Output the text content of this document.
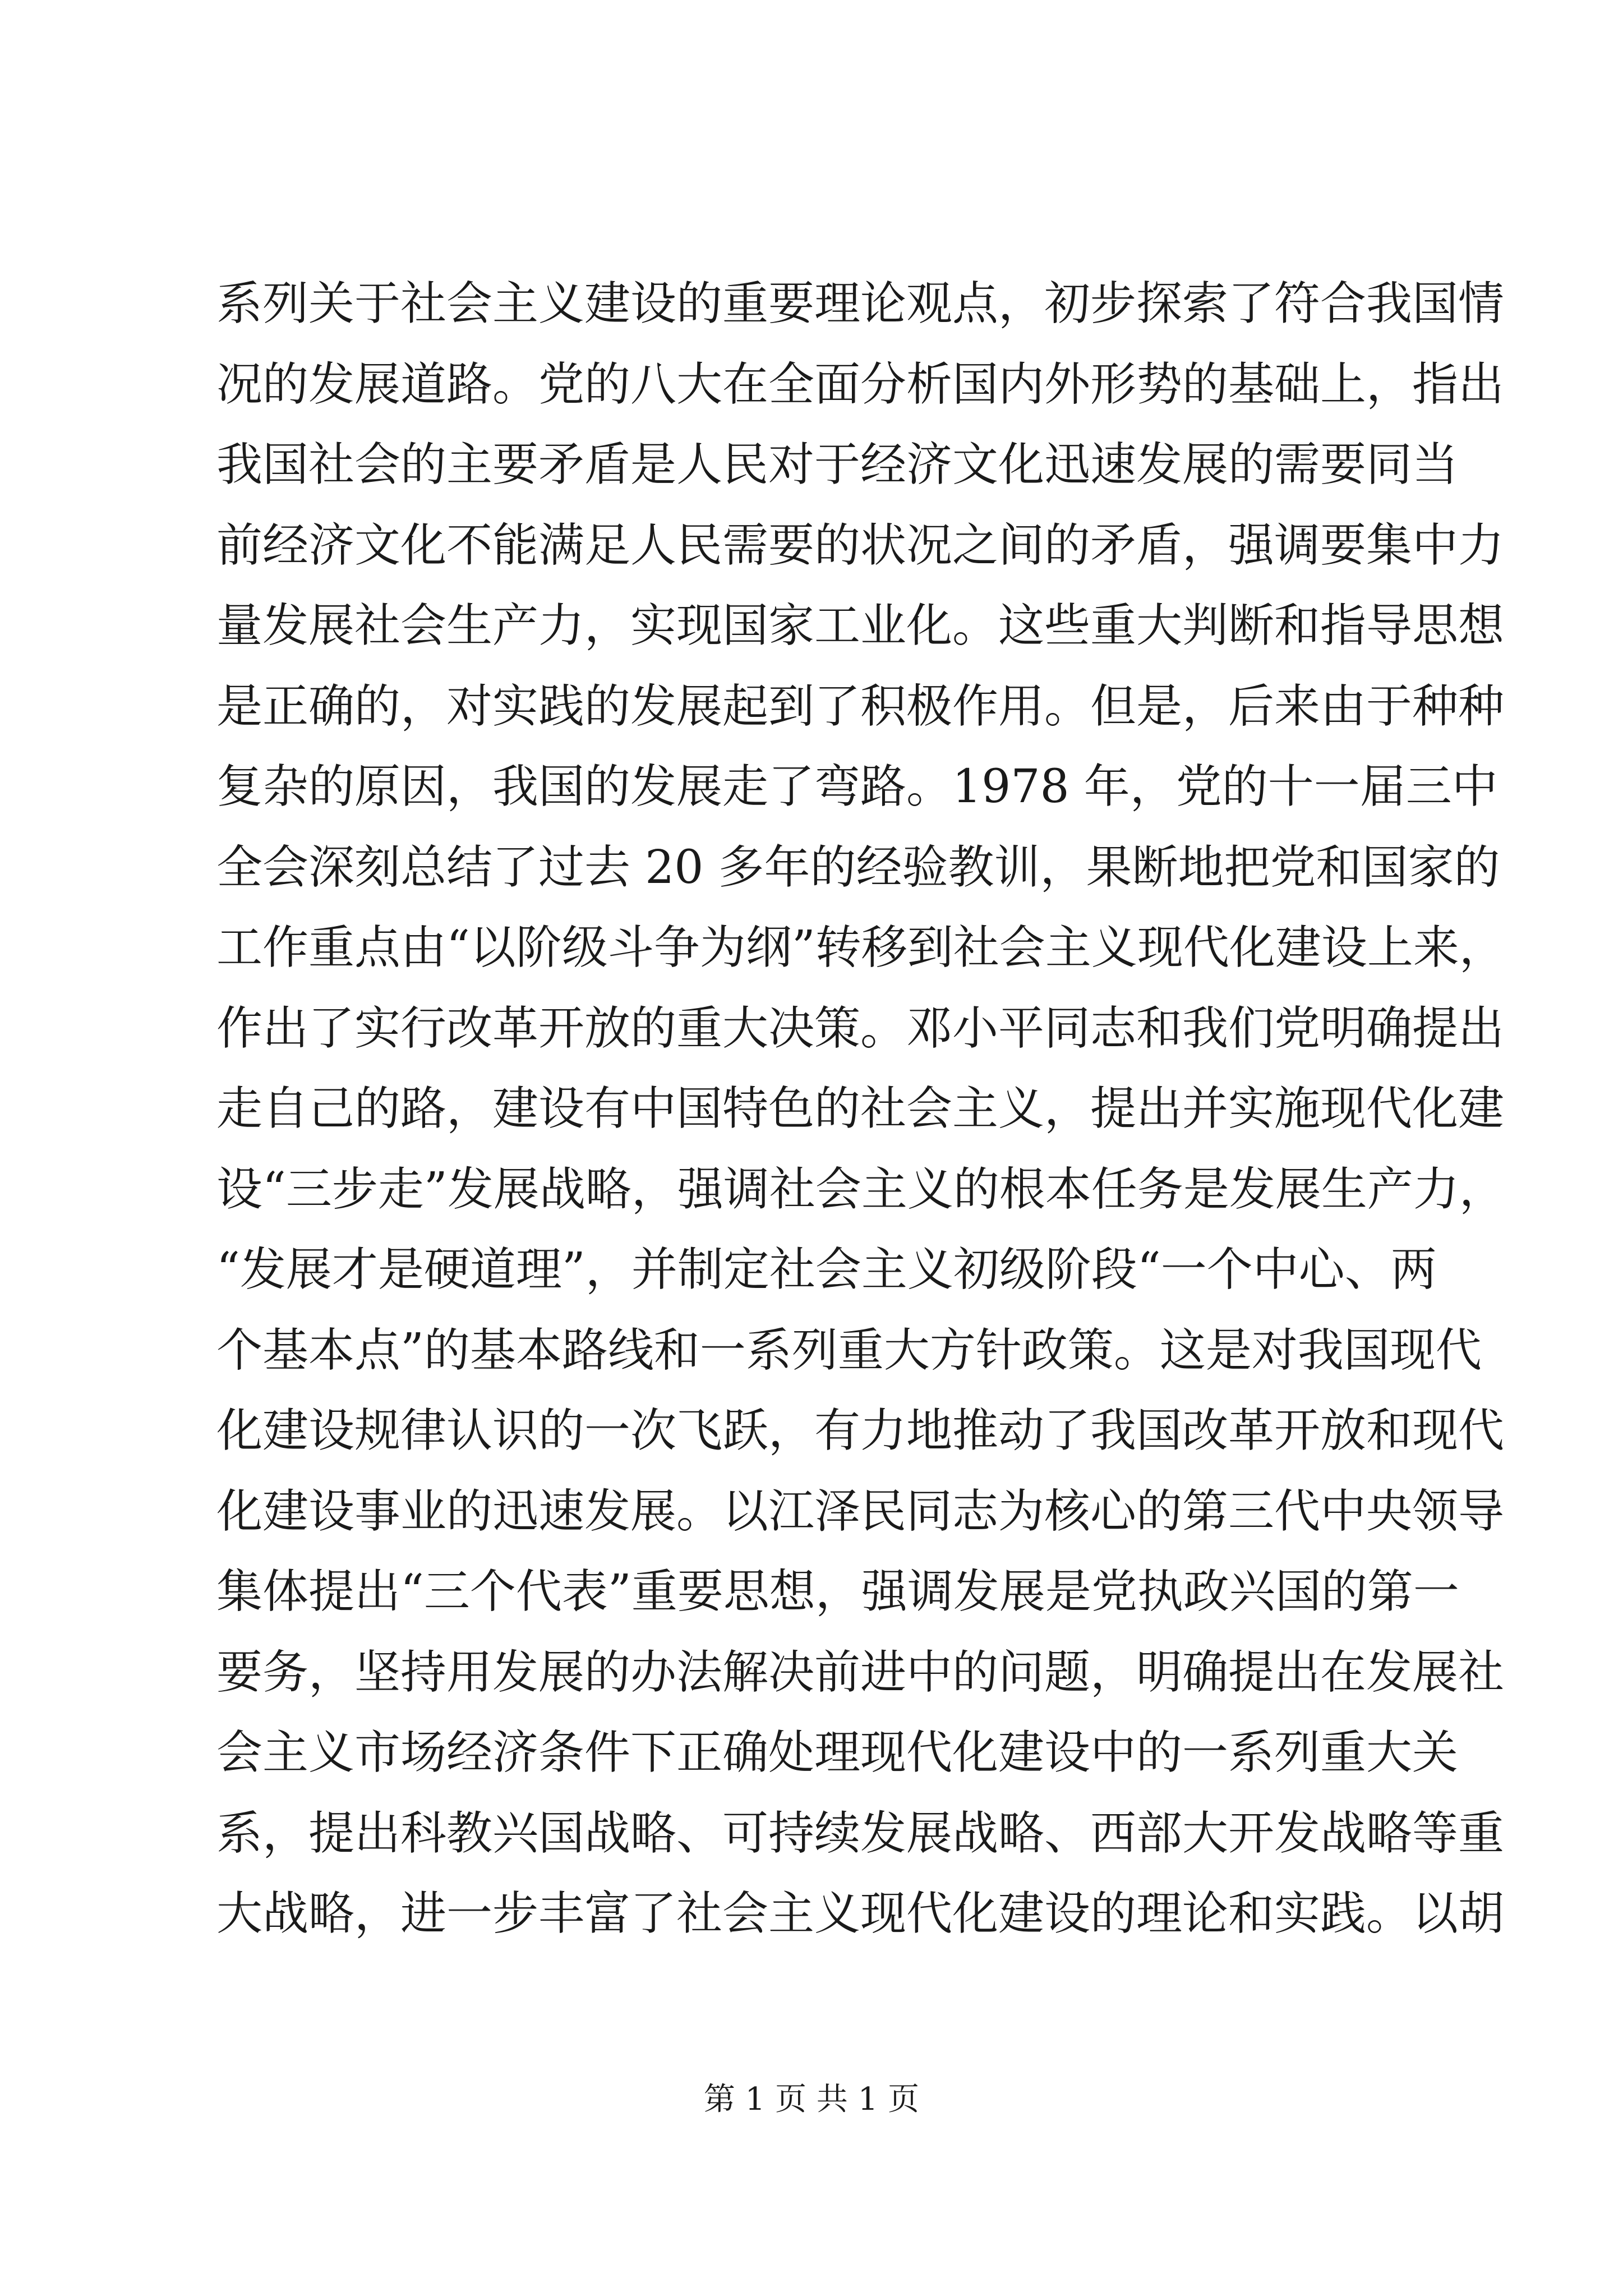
系列关于社会主义建设的重要理论观点，初步探索了符合我国情
况的发展道路。党的八大在全面分析国内外形势的基础上，指出
我国社会的主要矛盾是人民对于经济文化迅速发展的需要同当
前经济文化不能满足人民需要的状况之间的矛盾，强调要集中力
量发展社会生产力，实现国家工业化。这些重大判断和指导思想
是正确的，对实践的发展起到了积极作用。但是，后来由于种种
复杂的原因，我国的发展走了弯路。1978 年，党的十一届三中
全会深刻总结了过去 20 多年的经验教训，果断地把党和国家的
工作重点由“以阶级斗争为纲”转移到社会主义现代化建设上来，
作出了实行改革开放的重大决策。邓小平同志和我们党明确提出
走自己的路，建设有中国特色的社会主义，提出并实施现代化建
设“三步走”发展战略，强调社会主义的根本任务是发展生产力，
“发展才是硬道理”，并制定社会主义初级阶段“一个中心、两
个基本点”的基本路线和一系列重大方针政策。这是对我国现代
化建设规律认识的一次飞跃，有力地推动了我国改革开放和现代
化建设事业的迅速发展。以江泽民同志为核心的第三代中央领导
集体提出“三个代表”重要思想，强调发展是党执政兴国的第一
要务，坚持用发展的办法解决前进中的问题，明确提出在发展社
会主义市场经济条件下正确处理现代化建设中的一系列重大关
系，提出科教兴国战略、可持续发展战略、西部大开发战略等重
大战略，进一步丰富了社会主义现代化建设的理论和实践。以胡
第 1 页 共 1 页
